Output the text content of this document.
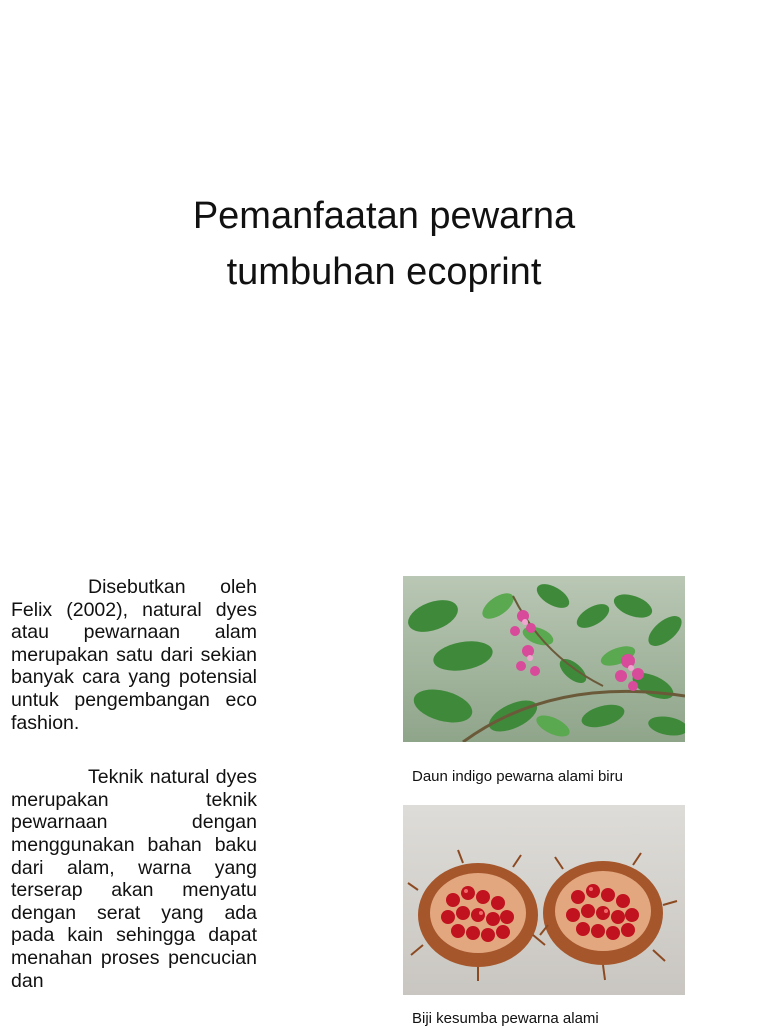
Pemanfaatan pewarna
tumbuhan ecoprint

Disebutkan oleh Felix (2002), natural dyes atau pewarnaan alam merupakan satu dari sekian banyak cara yang potensial untuk pengembangan eco fashion.

Teknik natural dyes merupakan teknik pewarnaan dengan menggunakan bahan baku dari alam, warna yang terserap akan menyatu dengan serat yang ada pada kain sehingga dapat menahan proses pencucian dan

Daun indigo pewarna alami biru

Biji kesumba pewarna alami
